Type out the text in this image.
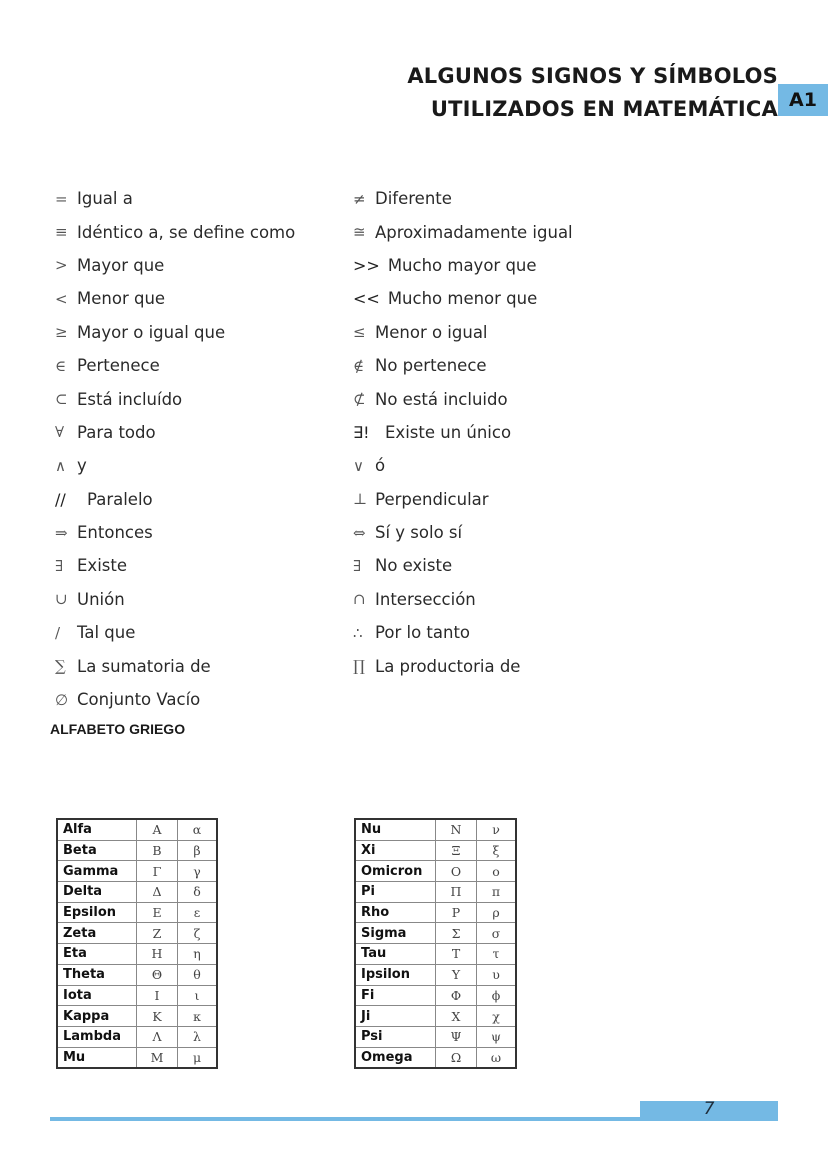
ALGUNOS SIGNOS Y SÍMBOLOS
UTILIZADOS EN MATEMÁTICA A1
= Igual a
≡ Idéntico a, se define como
> Mayor que
< Menor que
≥ Mayor o igual que
∈ Pertenece
⊂ Está incluído
∀ Para todo
∧ y
//	Paralelo
⇒ Entonces
∃ Existe
∪ Unión
/	Tal que
∑ La sumatoria de
∅ Conjunto Vacío
≠ Diferente
≅ Aproximadamente igual
>> Mucho mayor que
<< Mucho menor que
≤ Menor o igual
∉ No pertenece
⊄ No está incluido
∃! Existe un único
∨ ó
⊥ Perpendicular
⇔ Sí y solo sí
∃ No existe
∩ Intersección
∴ Por lo tanto
∏ La productoria de
ALFABETO GRIEGO
Alfa	Α	α
Beta	Β	β
Gamma	Γ	γ
Delta	Δ	δ
Epsilon	Ε	ε
Zeta	Ζ	ζ
Eta	Η	η
Theta	Θ	θ
Iota	Ι	ι
Kappa	Κ	κ
Lambda	Λ	λ
Mu	Μ	μ
Nu	Ν	ν
Xi	Ξ	ξ
Omicron	Ο	ο
Pi	Π	π
Rho	Ρ	ρ
Sigma	Σ	σ
Tau	Τ	τ
Ipsilon	Υ	υ
Fi	Φ	ϕ
Ji	Χ	χ
Psi	Ψ	ψ
Omega	Ω	ω
7
